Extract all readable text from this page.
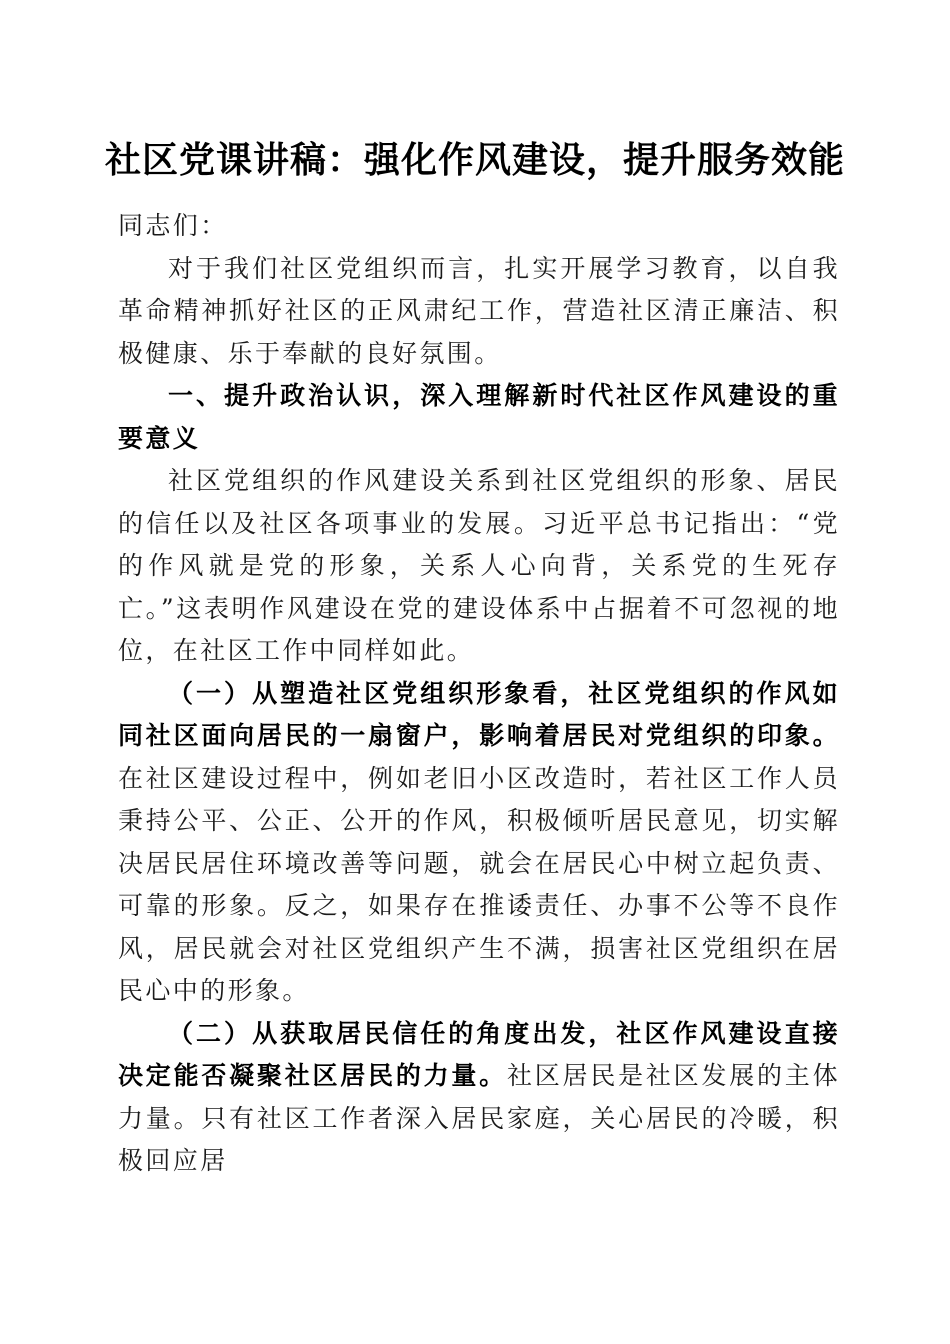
社区党课讲稿：强化作风建设，提升服务效能

同志们：

对于我们社区党组织而言，扎实开展学习教育，以自我革命精神抓好社区的正风肃纪工作，营造社区清正廉洁、积极健康、乐于奉献的良好氛围。

一、提升政治认识，深入理解新时代社区作风建设的重要意义

社区党组织的作风建设关系到社区党组织的形象、居民的信任以及社区各项事业的发展。习近平总书记指出：“党的作风就是党的形象，关系人心向背，关系党的生死存亡。”这表明作风建设在党的建设体系中占据着不可忽视的地位，在社区工作中同样如此。

（一）从塑造社区党组织形象看，社区党组织的作风如同社区面向居民的一扇窗户，影响着居民对党组织的印象。在社区建设过程中，例如老旧小区改造时，若社区工作人员秉持公平、公正、公开的作风，积极倾听居民意见，切实解决居民居住环境改善等问题，就会在居民心中树立起负责、可靠的形象。反之，如果存在推诿责任、办事不公等不良作风，居民就会对社区党组织产生不满，损害社区党组织在居民心中的形象。

（二）从获取居民信任的角度出发，社区作风建设直接决定能否凝聚社区居民的力量。社区居民是社区发展的主体力量。只有社区工作者深入居民家庭，关心居民的冷暖，积极回应居
